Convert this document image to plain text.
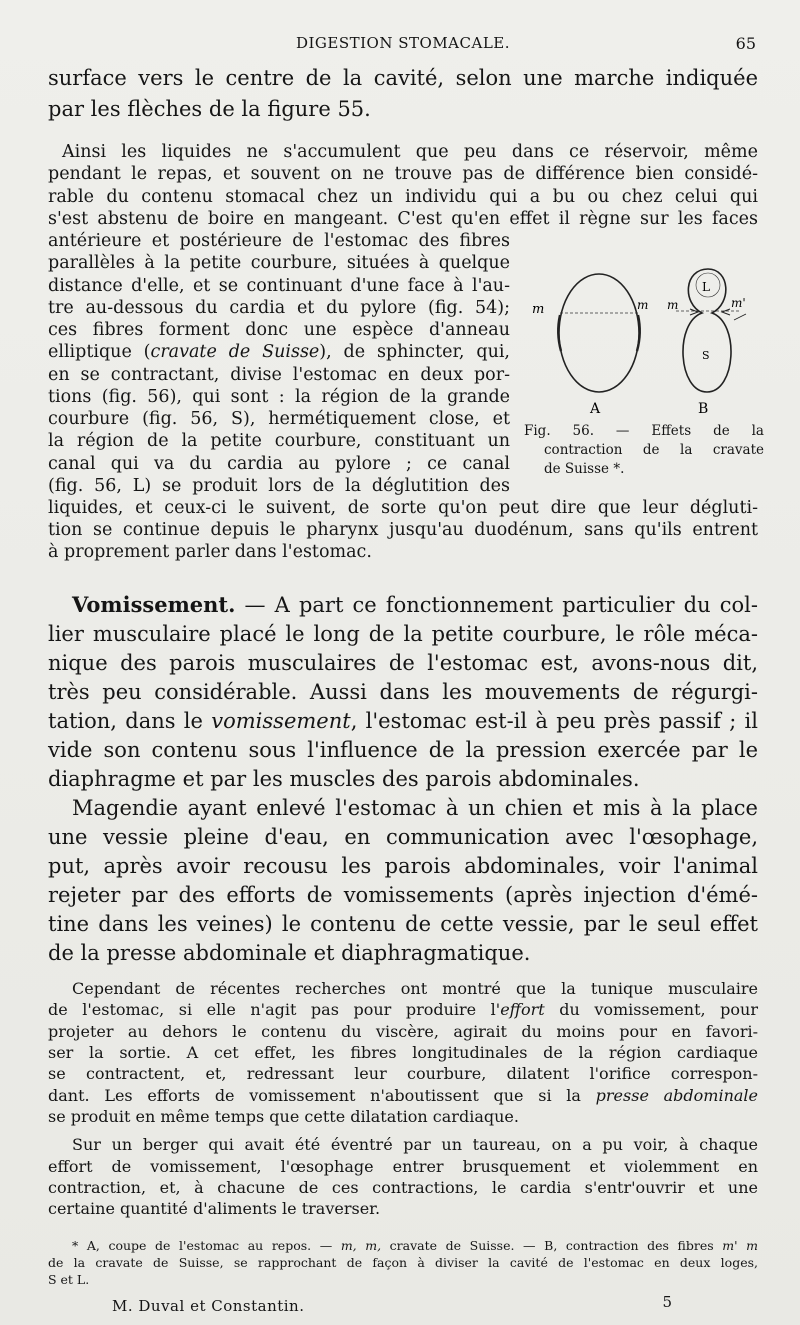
DIGESTION STOMACALE.	65

surface vers le centre de la cavité, selon une marche indiquée

par les flèches de la figure 55.

Ainsi les liquides ne s'accumulent que peu dans ce réservoir, même

pendant le repas, et souvent on ne trouve pas de différence bien considé-

rable du contenu stomacal chez un individu qui a bu ou chez celui qui

s'est abstenu de boire en mangeant. C'est qu'en effet il règne sur les faces

antérieure et postérieure de l'estomac des fibres

parallèles à la petite courbure, situées à quelque

distance d'elle, et se continuant d'une face à l'au-

tre au-dessous du cardia et du pylore (fig. 54);

ces fibres forment donc une espèce d'anneau

elliptique (cravate de Suisse), de sphincter, qui,

en se contractant, divise l'estomac en deux por-

tions (fig. 56), qui sont : la région de la grande

courbure (fig. 56, S), hermétiquement close, et

la région de la petite courbure, constituant un

canal qui va du cardia au pylore ; ce canal

(fig. 56, L) se produit lors de la déglutition des

m	m m	m'
L
S
A	B
Fig. 56. — Effets de la
contraction de la cravate
de Suisse *.

liquides, et ceux-ci le suivent, de sorte qu'on peut dire que leur dégluti-

tion se continue depuis le pharynx jusqu'au duodénum, sans qu'ils entrent

à proprement parler dans l'estomac.

Vomissement. — A part ce fonctionnement particulier du col-

lier musculaire placé le long de la petite courbure, le rôle méca-

nique des parois musculaires de l'estomac est, avons-nous dit,

très peu considérable. Aussi dans les mouvements de régurgi-

tation, dans le vomissement, l'estomac est-il à peu près passif ; il

vide son contenu sous l'influence de la pression exercée par le

diaphragme et par les muscles des parois abdominales.

Magendie ayant enlevé l'estomac à un chien et mis à la place

une vessie pleine d'eau, en communication avec l'œsophage,

put, après avoir recousu les parois abdominales, voir l'animal

rejeter par des efforts de vomissements (après injection d'émé-

tine dans les veines) le contenu de cette vessie, par le seul effet

de la presse abdominale et diaphragmatique.

Cependant de récentes recherches ont montré que la tunique musculaire

de l'estomac, si elle n'agit pas pour produire l'effort du vomissement, pour

projeter au dehors le contenu du viscère, agirait du moins pour en favori-

ser la sortie. A cet effet, les fibres longitudinales de la région cardiaque

se contractent, et, redressant leur courbure, dilatent l'orifice correspon-

dant. Les efforts de vomissement n'aboutissent que si la presse abdominale

se produit en même temps que cette dilatation cardiaque.

Sur un berger qui avait été éventré par un taureau, on a pu voir, à chaque

effort de vomissement, l'œsophage entrer brusquement et violemment en

contraction, et, à chacune de ces contractions, le cardia s'entr'ouvrir et une

certaine quantité d'aliments le traverser.

* A, coupe de l'estomac au repos. — m, m, cravate de Suisse. — B, contraction des fibres m' m

de la cravate de Suisse, se rapprochant de façon à diviser la cavité de l'estomac en deux loges,

S et L.

M. Duval et Constantin.	5
